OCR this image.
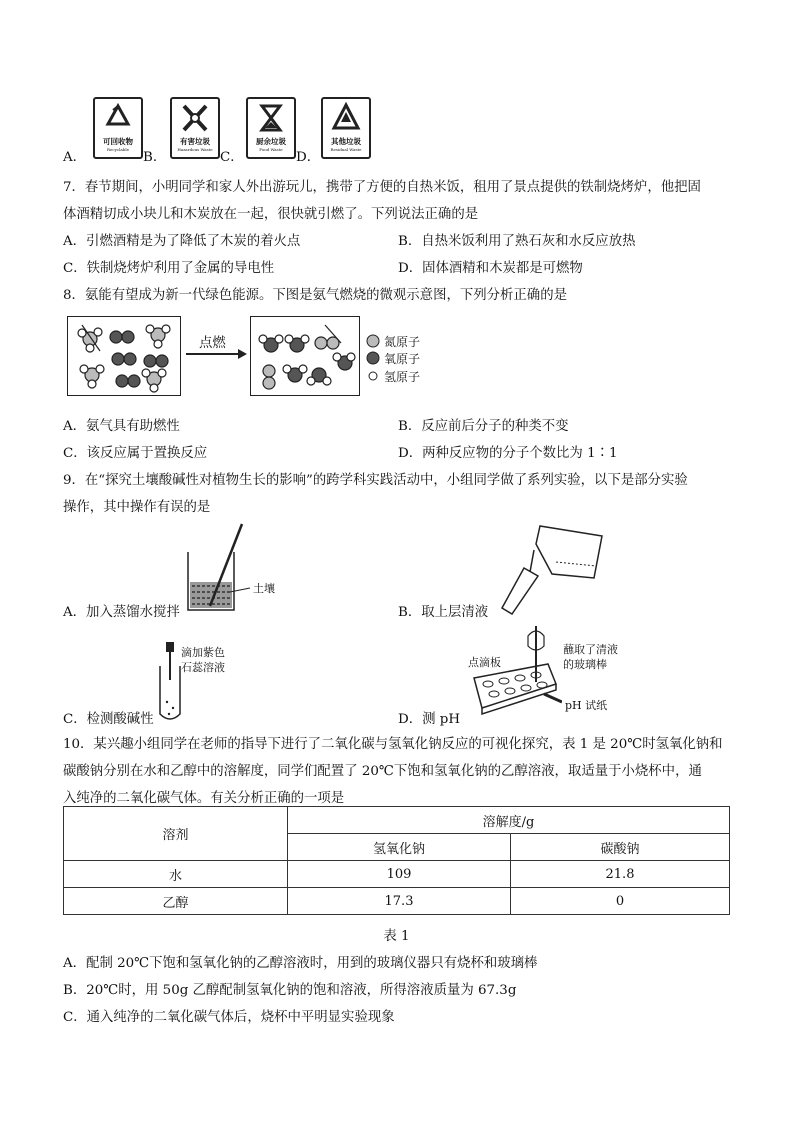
A．
可回收物
Recyclable
B．
有害垃圾
Hazardous Waste
C．
厨余垃圾
Food Waste
D．
其他垃圾
Residual Waste
7．春节期间，小明同学和家人外出游玩儿，携带了方便的自热米饭，租用了景点提供的铁制烧烤炉，他把固
体酒精切成小块儿和木炭放在一起，很快就引燃了。下列说法正确的是
A．引燃酒精是为了降低了木炭的着火点	B．自热米饭利用了熟石灰和水反应放热
C．铁制烧烤炉利用了金属的导电性	D．固体酒精和木炭都是可燃物
8．氨能有望成为新一代绿色能源。下图是氨气燃烧的微观示意图，下列分析正确的是
点燃	氮原子
氧原子
氢原子
A．氨气具有助燃性	B．反应前后分子的种类不变
C．该反应属于置换反应	D．两种反应物的分子个数比为 1∶1
9．在“探究土壤酸碱性对植物生长的影响”的跨学科实践活动中，小组同学做了系列实验，以下是部分实验
操作，其中操作有误的是
土壤
A．加入蒸馏水搅拌	B．取上层清液
滴加紫色
石蕊溶液
C．检测酸碱性
蘸取了清液
的玻璃棒
点滴板
pH 试纸
D．测 pH
10．某兴趣小组同学在老师的指导下进行了二氧化碳与氢氧化钠反应的可视化探究，表 1 是 20℃时氢氧化钠和
碳酸钠分别在水和乙醇中的溶解度，同学们配置了 20℃下饱和氢氧化钠的乙醇溶液，取适量于小烧杯中，通
入纯净的二氧化碳气体。有关分析正确的一项是
溶剂	溶解度/g	
	氢氧化钠	碳酸钠
水	109	21.8
乙醇	17.3	0
表 1
A．配制 20℃下饱和氢氧化钠的乙醇溶液时，用到的玻璃仪器只有烧杯和玻璃棒
B．20℃时，用 50g 乙醇配制氢氧化钠的饱和溶液，所得溶液质量为 67.3g
C．通入纯净的二氧化碳气体后，烧杯中平明显实验现象
